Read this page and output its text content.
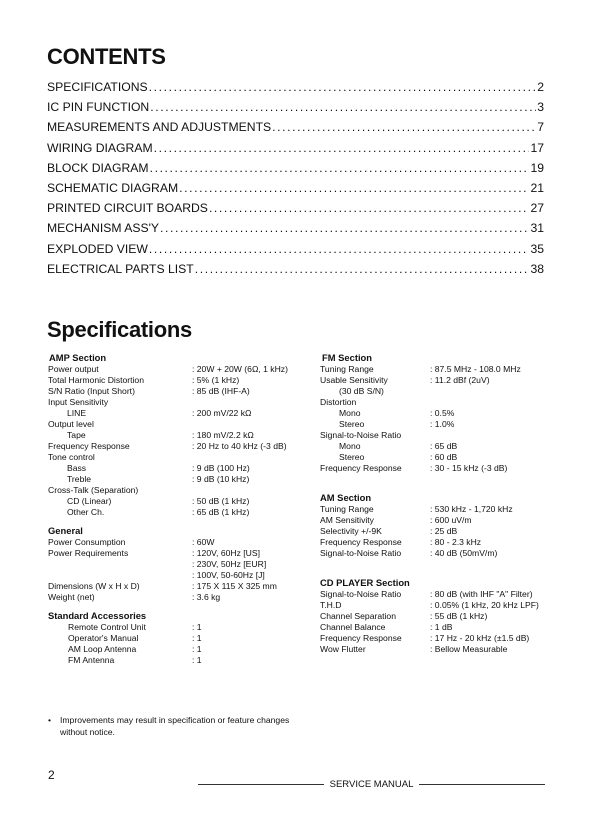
CONTENTS
SPECIFICATIONS .....	2
IC PIN FUNCTION .....	3
MEASUREMENTS AND ADJUSTMENTS .....	7
WIRING DIAGRAM .....	17
BLOCK DIAGRAM .....	19
SCHEMATIC DIAGRAM .....	21
PRINTED CIRCUIT BOARDS .....	27
MECHANISM ASS'Y .....	31
EXPLODED VIEW .....	35
ELECTRICAL PARTS LIST .....	38
Specifications
AMP Section
Power output	: 20W + 20W (6Ω, 1 kHz)
Total Harmonic Distortion	: 5% (1 kHz)
S/N Ratio (Input Short)	: 85 dB (IHF-A)
Input Sensitivity
LINE	: 200 mV/22 kΩ
Output level
Tape	: 180 mV/2.2 kΩ
Frequency Response	: 20 Hz to 40 kHz (-3 dB)
Tone control
Bass	: 9 dB (100 Hz)
Treble	: 9 dB (10 kHz)
Cross-Talk (Separation)
CD (Linear)	: 50 dB (1 kHz)
Other Ch.	: 65 dB (1 kHz)
General
Power Consumption	: 60W
Power Requirements	: 120V, 60Hz [US]
: 230V, 50Hz [EUR]
: 100V, 50-60Hz [J]
Dimensions (W x H x D)	: 175 X 115 X 325 mm
Weight (net)	: 3.6 kg
Standard Accessories
Remote Control Unit	: 1
Operator's Manual	: 1
AM Loop Antenna	: 1
FM Antenna	: 1
FM Section
Tuning Range	: 87.5 MHz - 108.0 MHz
Usable Sensitivity	: 11.2 dBf (2uV)
(30 dB S/N)
Distortion
Mono	: 0.5%
Stereo	: 1.0%
Signal-to-Noise Ratio
Mono	: 65 dB
Stereo	: 60 dB
Frequency Response	: 30 - 15 kHz (-3 dB)
AM Section
Tuning Range	: 530 kHz - 1,720 kHz
AM Sensitivity	: 600 uV/m
Selectivity +/-9K	: 25 dB
Frequency Response	: 80 - 2.3 kHz
Signal-to-Noise Ratio	: 40 dB (50mV/m)
CD PLAYER Section
Signal-to-Noise Ratio	: 80 dB (with IHF "A" Filter)
T.H.D	: 0.05% (1 kHz, 20 kHz LPF)
Channel Separation	: 55 dB (1 kHz)
Channel Balance	: 1 dB
Frequency Response	: 17 Hz - 20 kHz (±1.5 dB)
Wow Flutter	: Bellow Measurable
•	Improvements may result in specification or feature changes without notice.
2
SERVICE MANUAL
